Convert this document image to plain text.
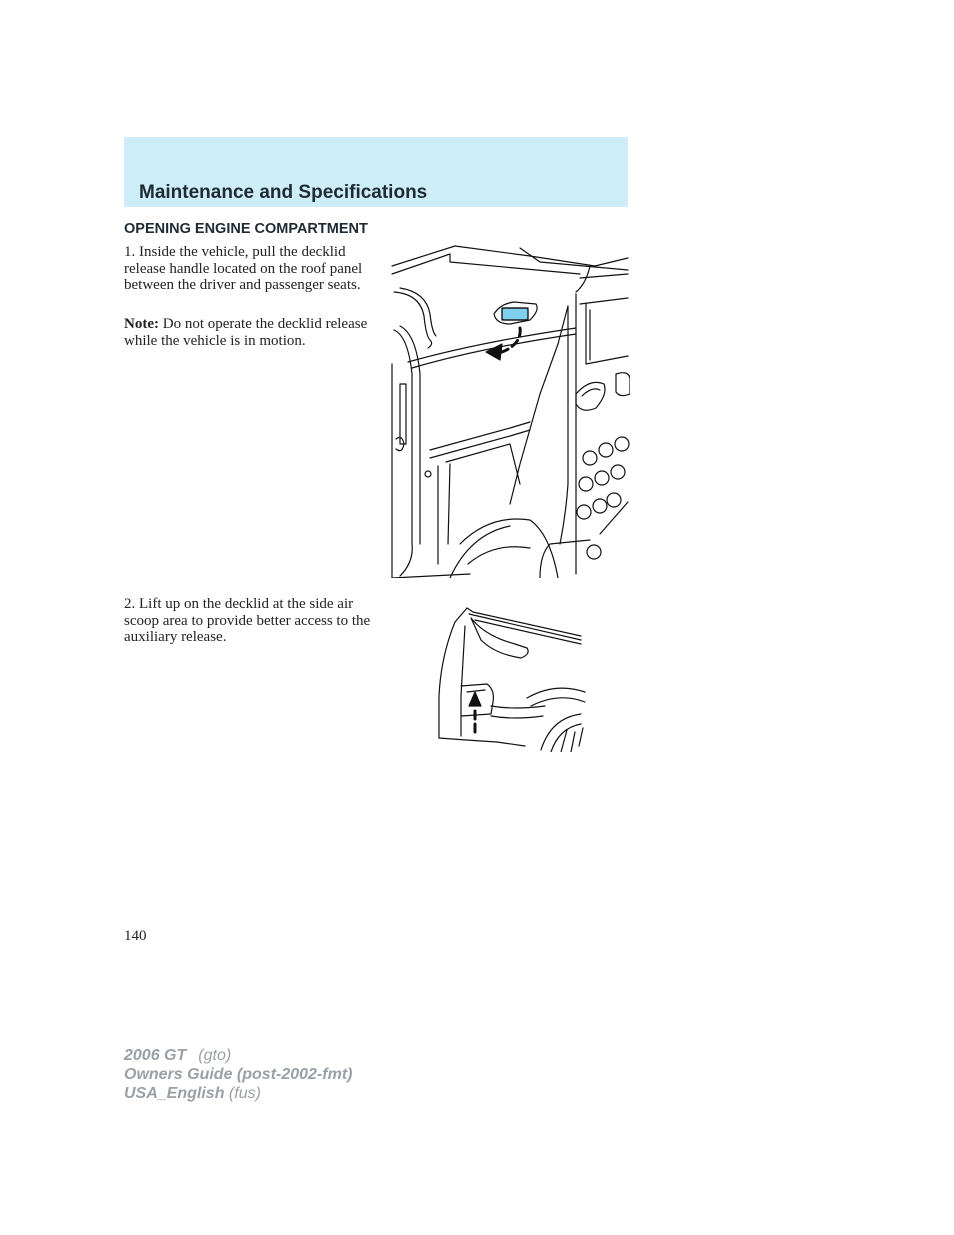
Maintenance and Specifications
OPENING ENGINE COMPARTMENT

1. Inside the vehicle, pull the decklid release handle located on the roof panel between the driver and passenger seats.

Note: Do not operate the decklid release while the vehicle is in motion.

2. Lift up on the decklid at the side air scoop area to provide better access to the auxiliary release.

140

2006 GT (gto)
Owners Guide (post-2002-fmt)
USA_English (fus)
